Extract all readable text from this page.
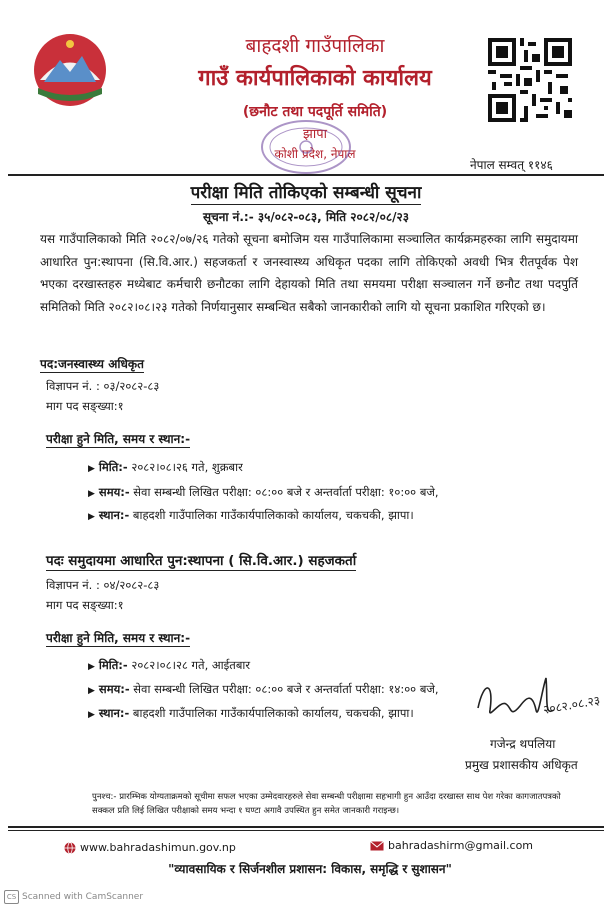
बाहदशी गाउँपालिका
गाउँ कार्यपालिकाको कार्यालय
(छनौट तथा पदपूर्ति समिति)
झापा
कोशी प्रदेश, नेपाल
नेपाल सम्वत् ११४६
परीक्षा मिति तोकिएको सम्बन्धी सूचना
सूचना नं.:- ३५/०८२-०८३, मिति २०८२/०८/२३
यस गाउँपालिकाको मिति २०८२/०७/२६ गतेको सूचना बमोजिम यस गाउँपालिकामा सञ्चालित कार्यक्रमहरुका लागि समुदायमा आधारित पुन:स्थापना (सि.वि.आर.) सहजकर्ता र जनस्वास्थ्य अधिकृत पदका लागि तोकिएको अवधी भित्र रीतपूर्वक पेश भएका दरखास्तहरु मध्येबाट कर्मचारी छनौटका लागि देहायको मिति तथा समयमा परीक्षा सञ्चालन गर्ने छनौट तथा पदपुर्ति समितिको मिति २०८२।०८।२३ गतेको निर्णयानुसार सम्बन्धित सबैको जानकारीको लागि यो सूचना प्रकाशित गरिएको छ।
पद:जनस्वास्थ्य अधिकृत
विज्ञापन नं. : ०३/२०८२-८३
माग पद सङ्ख्या:१
परीक्षा हुने मिति, समय र स्थान:-
▶ मिति:- २०८२।०८।२६ गते, शुक्रबार
▶ समय:- सेवा सम्बन्धी लिखित परीक्षा: ०८:०० बजे र अन्तर्वार्ता परीक्षा: १०:०० बजे,
▶ स्थान:- बाहदशी गाउँपालिका गाउँकार्यपालिकाको कार्यालय, चकचकी, झापा।
पदः समुदायमा आधारित पुन:स्थापना ( सि.वि.आर.) सहजकर्ता
विज्ञापन नं. : ०४/२०८२-८३
माग पद सङ्ख्या:१
परीक्षा हुने मिति, समय र स्थान:-
▶ मिति:- २०८२।०८।२८ गते, आईतबार
▶ समय:- सेवा सम्बन्धी लिखित परीक्षा: ०८:०० बजे र अन्तर्वार्ता परीक्षा: १४:०० बजे,
▶ स्थान:- बाहदशी गाउँपालिका गाउँकार्यपालिकाको कार्यालय, चकचकी, झापा।	२०८२.०८.२३
गजेन्द्र थपलिया
प्रमुख प्रशासकीय अधिकृत
पुनश्च:- प्रारम्भिक योग्यताक्रमको सूचीमा सफल भएका उम्मेदवारहरुले सेवा सम्बन्धी परीक्षामा सहभागी हुन आउँदा दरखास्त साथ पेश गरेका कागजातपत्रको सक्कल प्रति लिई लिखित परीक्षाको समय भन्दा १ घण्टा अगावै उपस्थित हुन समेत जानकारी गराइन्छ।
www.bahradashimun.gov.np	bahradashirm@gmail.com
"व्यावसायिक र सिर्जनशील प्रशासन: विकास, समृद्धि र सुशासन"
CS Scanned with CamScanner
